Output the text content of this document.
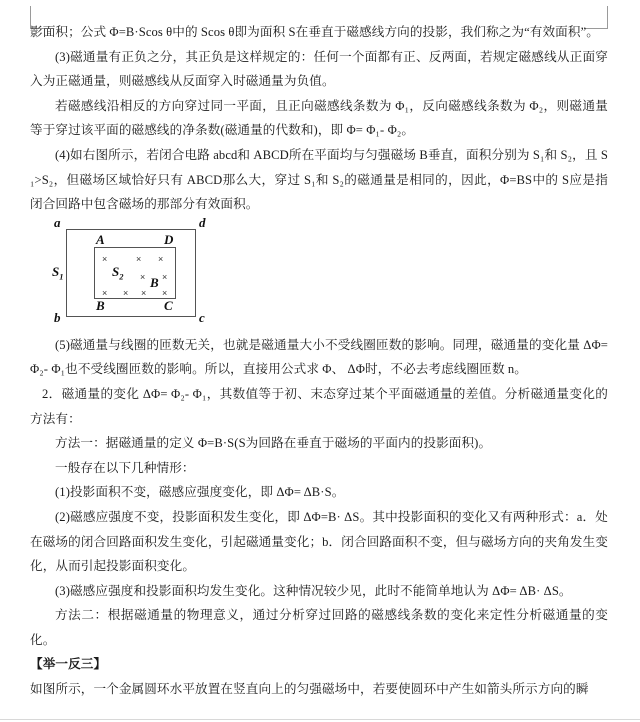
影面积；公式 Φ=B·Scos θ中的 Scos θ即为面积 S在垂直于磁感线方向的投影，我们称之为“有效面积”。

(3)磁通量有正负之分，其正负是这样规定的：任何一个面都有正、反两面，若规定磁感线从正面穿入为正磁通量，则磁感线从反面穿入时磁通量为负值。

若磁感线沿相反的方向穿过同一平面，且正向磁感线条数为 Φ₁，反向磁感线条数为 Φ₂，则磁通量等于穿过该平面的磁感线的净条数(磁通量的代数和)，即 Φ= Φ₁- Φ₂。

(4)如右图所示，若闭合电路 abcd和 ABCD所在平面均与匀强磁场 B垂直，面积分别为 S₁和 S₂，且 S₁>S₂，但磁场区域恰好只有 ABCD那么大，穿过 S₁和 S₂的磁通量是相同的，因此，Φ=BS中的 S应是指闭合回路中包含磁场的那部分有效面积。

a	d
b	c
A	D
B	C
$S_1$	$S_2$ B
×	× ×
× ×
× × × ×

(5)磁通量与线圈的匝数无关，也就是磁通量大小不受线圈匝数的影响。同理，磁通量的变化量 ΔΦ= Φ₂- Φ₁也不受线圈匝数的影响。所以，直接用公式求 Φ、 ΔΦ时，不必去考虑线圈匝数 n。

2．磁通量的变化 ΔΦ= Φ₂- Φ₁，其数值等于初、末态穿过某个平面磁通量的差值。分析磁通量变化的方法有：

方法一：据磁通量的定义 Φ=B·S(S为回路在垂直于磁场的平面内的投影面积)。

一般存在以下几种情形：

(1)投影面积不变，磁感应强度变化，即 ΔΦ= ΔB·S。

(2)磁感应强度不变，投影面积发生变化，即 ΔΦ=B· ΔS。其中投影面积的变化又有两种形式：a．处在磁场的闭合回路面积发生变化，引起磁通量变化；b．闭合回路面积不变，但与磁场方向的夹角发生变化，从而引起投影面积变化。

(3)磁感应强度和投影面积均发生变化。这种情况较少见，此时不能简单地认为 ΔΦ= ΔB· ΔS。

方法二：根据磁通量的物理意义，通过分析穿过回路的磁感线条数的变化来定性分析磁通量的变化。

【举一反三】

如图所示，一个金属圆环水平放置在竖直向上的匀强磁场中，若要使圆环中产生如箭头所示方向的瞬
